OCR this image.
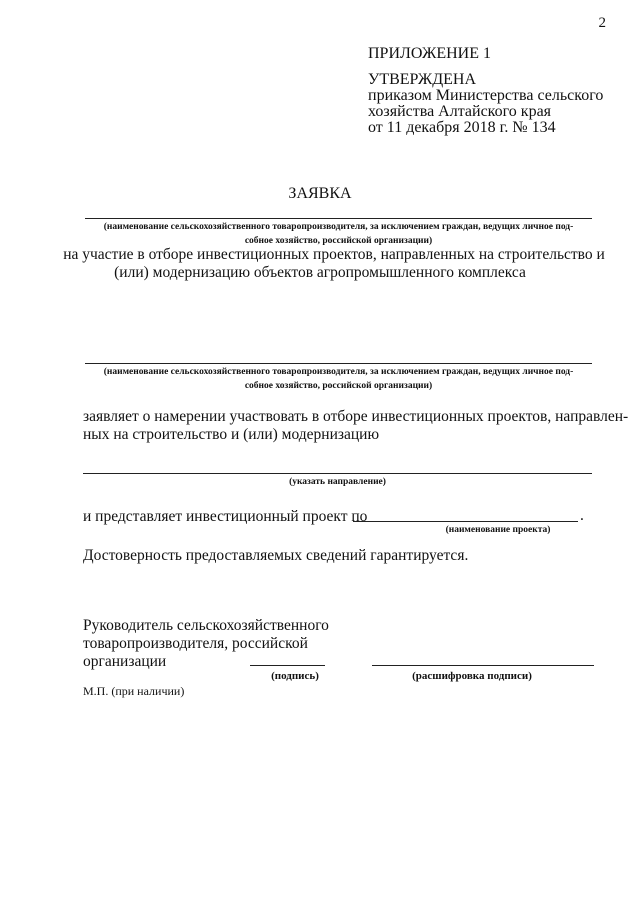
2
ПРИЛОЖЕНИЕ 1
УТВЕРЖДЕНА
приказом Министерства сельского
хозяйства Алтайского края
от 11 декабря 2018 г. № 134
ЗАЯВКА
(наименование сельскохозяйственного товаропроизводителя, за исключением граждан, ведущих личное под-
собное хозяйство, российской организации)
на участие в отборе инвестиционных проектов, направленных на строительство и
(или) модернизацию объектов агропромышленного комплекса
(наименование сельскохозяйственного товаропроизводителя, за исключением граждан, ведущих личное под-
собное хозяйство, российской организации)
заявляет о намерении участвовать в отборе инвестиционных проектов, направлен-
ных на строительство и (или) модернизацию
(указать направление)
и представляет инвестиционный проект по	.
(наименование проекта)
Достоверность предоставляемых сведений гарантируется.
Руководитель сельскохозяйственного
товаропроизводителя, российской
организации
(подпись)	(расшифровка подписи)
М.П. (при наличии)
